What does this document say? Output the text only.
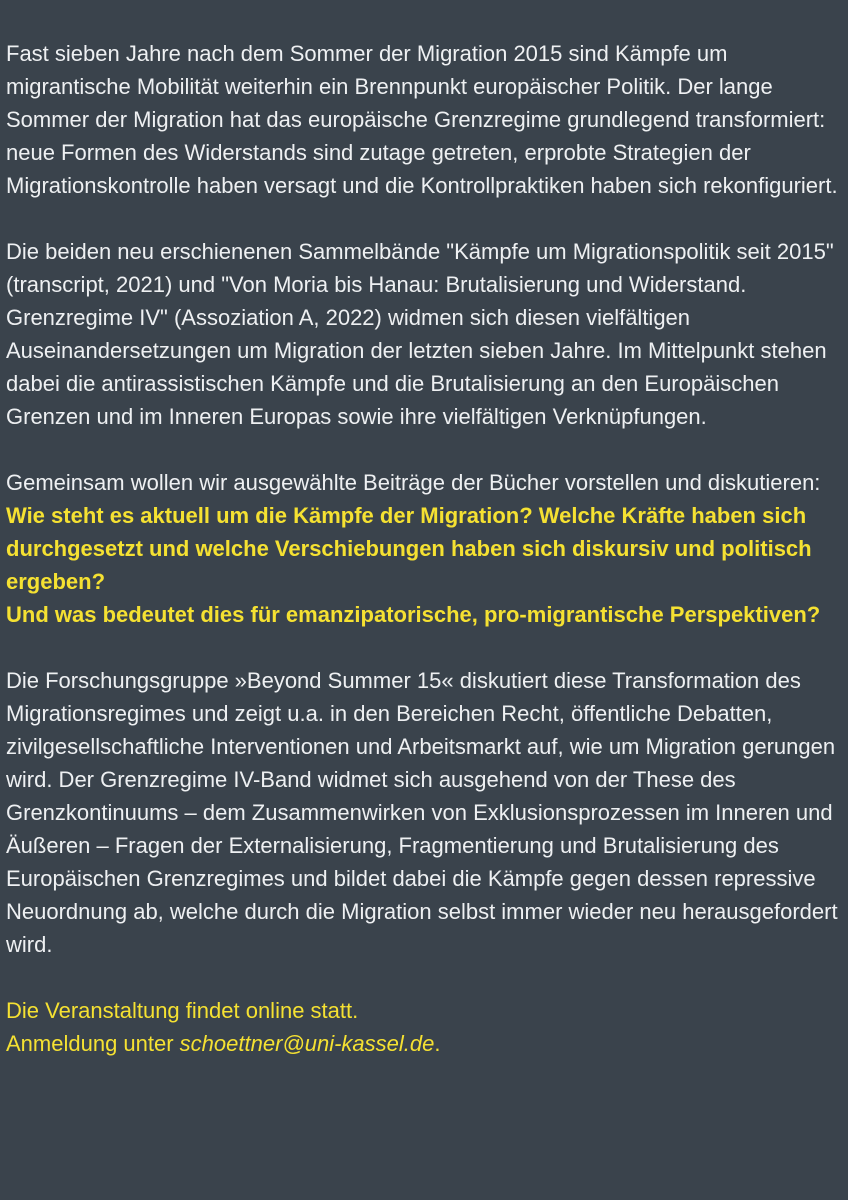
Fast sieben Jahre nach dem Sommer der Migration 2015 sind Kämpfe um migrantische Mobilität weiterhin ein Brennpunkt europäischer Politik. Der lange Sommer der Migration hat das europäische Grenzregime grundlegend transformiert: neue Formen des Widerstands sind zutage getreten, erprobte Strategien der Migrationskontrolle haben versagt und die Kontrollpraktiken haben sich rekonfiguriert.

Die beiden neu erschienenen Sammelbände "Kämpfe um Migrationspolitik seit 2015" (transcript, 2021) und "Von Moria bis Hanau: Brutalisierung und Widerstand. Grenzregime IV" (Assoziation A, 2022) widmen sich diesen vielfältigen Auseinandersetzungen um Migration der letzten sieben Jahre. Im Mittelpunkt stehen dabei die antirassistischen Kämpfe und die Brutalisierung an den Europäischen Grenzen und im Inneren Europas sowie ihre vielfältigen Verknüpfungen.

Gemeinsam wollen wir ausgewählte Beiträge der Bücher vorstellen und diskutieren: Wie steht es aktuell um die Kämpfe der Migration? Welche Kräfte haben sich durchgesetzt und welche Verschiebungen haben sich diskursiv und politisch ergeben?
Und was bedeutet dies für emanzipatorische, pro-migrantische Perspektiven?

Die Forschungsgruppe »Beyond Summer 15« diskutiert diese Transformation des Migrationsregimes und zeigt u.a. in den Bereichen Recht, öffentliche Debatten, zivilgesellschaftliche Interventionen und Arbeitsmarkt auf, wie um Migration gerungen wird. Der Grenzregime IV-Band widmet sich ausgehend von der These des Grenzkontinuums – dem Zusammenwirken von Exklusionsprozessen im Inneren und Äußeren – Fragen der Externalisierung, Fragmentierung und Brutalisierung des Europäischen Grenzregimes und bildet dabei die Kämpfe gegen dessen repressive Neuordnung ab, welche durch die Migration selbst immer wieder neu herausgefordert wird.

Die Veranstaltung findet online statt.
Anmeldung unter schoettner@uni-kassel.de.
